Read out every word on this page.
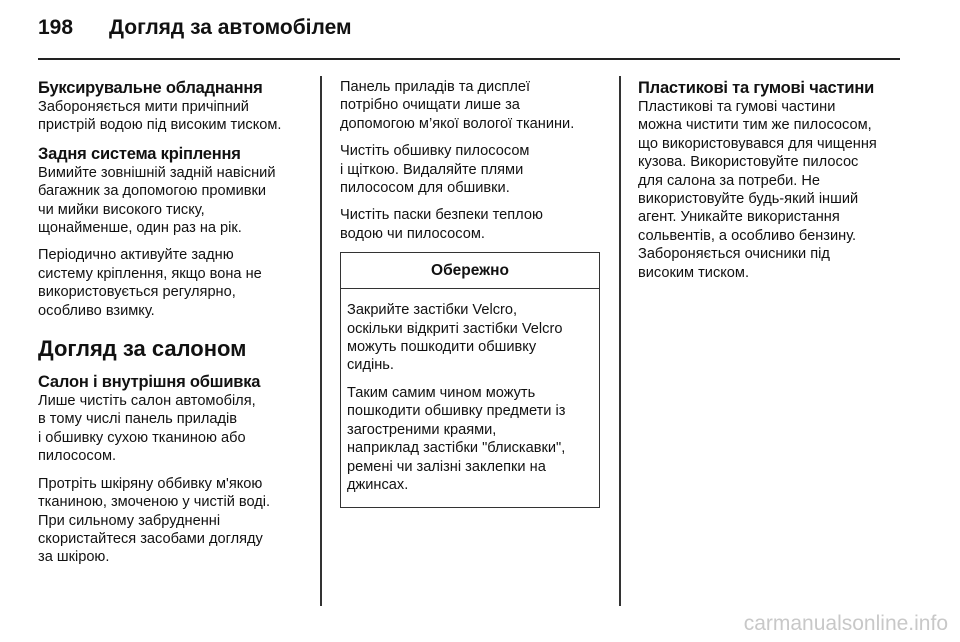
198 Догляд за автомобілем
Буксирувальне обладнання

Забороняється мити причіпний
пристрій водою під високим тиском.

Задня система кріплення

Вимийте зовнішній задній навісний
багажник за допомогою промивки
чи мийки високого тиску,
щонайменше, один раз на рік.

Періодично активуйте задню
систему кріплення, якщо вона не
використовується регулярно,
особливо взимку.

Догляд за салоном
Салон і внутрішня обшивка

Лише чистіть салон автомобіля,
в тому числі панель приладів
і обшивку сухою тканиною або
пилососом.

Протріть шкіряну оббивку м'якою
тканиною, змоченою у чистій воді.
При сильному забрудненні
скористайтеся засобами догляду
за шкірою.

Панель приладів та дисплеї
потрібно очищати лише за
допомогою м’якої вологої тканини.

Чистіть обшивку пилососом
і щіткою. Видаляйте плями
пилососом для обшивки.

Чистіть паски безпеки теплою
водою чи пилососом.

Обережно

Закрийте застібки Velcro,
оскільки відкриті застібки Velcro
можуть пошкодити обшивку
сидінь.

Таким самим чином можуть
пошкодити обшивку предмети із
загостреними краями,
наприклад застібки "блискавки",
ремені чи залізні заклепки на
джинсах.

Пластикові та гумові частини

Пластикові та гумові частини
можна чистити тим же пилососом,
що використовувався для чищення
кузова. Використовуйте пилосос
для салона за потреби. Не
використовуйте будь-який інший
агент. Уникайте використання
сольвентів, а особливо бензину.
Забороняється очисники під
високим тиском.

carmanualsonline.info
